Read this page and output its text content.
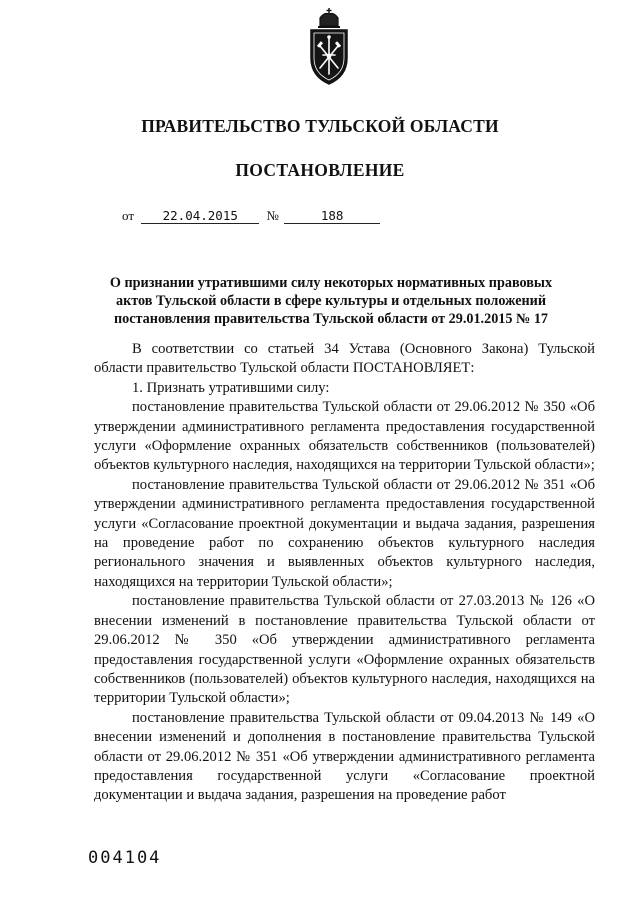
ПРАВИТЕЛЬСТВО ТУЛЬСКОЙ ОБЛАСТИ
ПОСТАНОВЛЕНИЕ
от 22.04.2015 №	188
О признании утратившими силу некоторых нормативных правовых
актов Тульской области в сфере культуры и отдельных положений
постановления правительства Тульской области от 29.01.2015 № 17

В соответствии со статьей 34 Устава (Основного Закона) Тульской области правительство Тульской области ПОСТАНОВЛЯЕТ:

1. Признать утратившими силу:

постановление правительства Тульской области от 29.06.2012 № 350 «Об утверждении административного регламента предоставления государственной услуги «Оформление охранных обязательств собственников (пользователей) объектов культурного наследия, находящихся на территории Тульской области»;

постановление правительства Тульской области от 29.06.2012 № 351 «Об утверждении административного регламента предоставления государственной услуги «Согласование проектной документации и выдача задания, разрешения на проведение работ по сохранению объектов культурного наследия регионального значения и выявленных объектов культурного наследия, находящихся на территории Тульской области»;

постановление правительства Тульской области от 27.03.2013 № 126 «О внесении изменений в постановление правительства Тульской области от 29.06.2012 № 350 «Об утверждении административного регламента предоставления государственной услуги «Оформление охранных обязательств собственников (пользователей) объектов культурного наследия, находящихся на территории Тульской области»;

постановление правительства Тульской области от 09.04.2013 № 149 «О внесении изменений и дополнения в постановление правительства Тульской области от 29.06.2012 № 351 «Об утверждении административного регламента предоставления государственной услуги «Согласование проектной документации и выдача задания, разрешения на проведение работ

004104
